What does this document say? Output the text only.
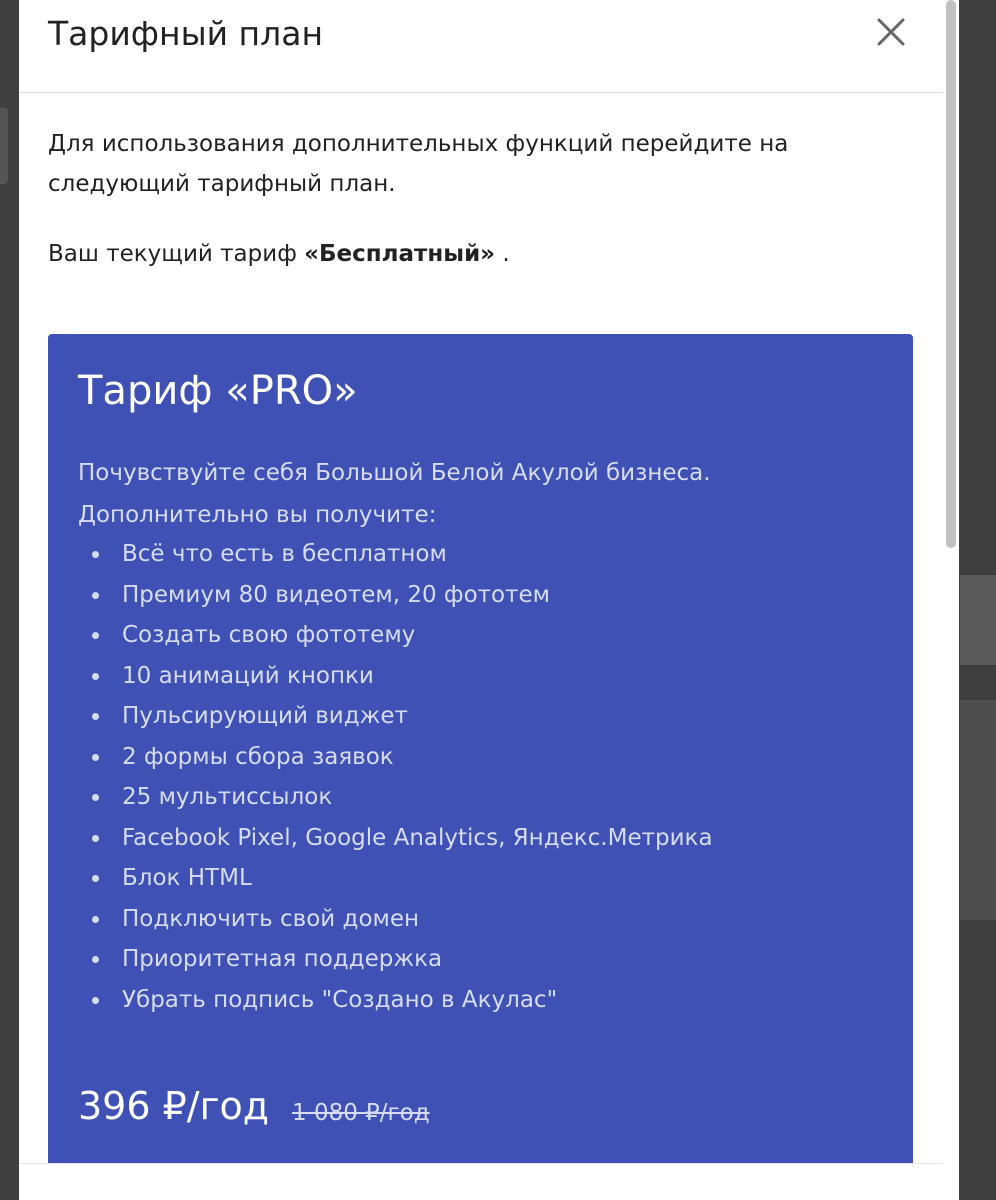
Тарифный план
Для использования дополнительных функций перейдите на следующий тарифный план.
Ваш текущий тариф «Бесплатный» .
Тариф «PRO»
Почувствуйте себя Большой Белой Акулой бизнеса.
Дополнительно вы получите:
Всё что есть в бесплатном
Премиум 80 видеотем, 20 фототем
Создать свою фототему
10 анимаций кнопки
Пульсирующий виджет
2 формы сбора заявок
25 мультиссылок
Facebook Pixel, Google Analytics, Яндекс.Метрика
Блок HTML
Подключить свой домен
Приоритетная поддержка
Убрать подпись "Создано в Акулас"
396 ₽/год 1 080 ₽/год
